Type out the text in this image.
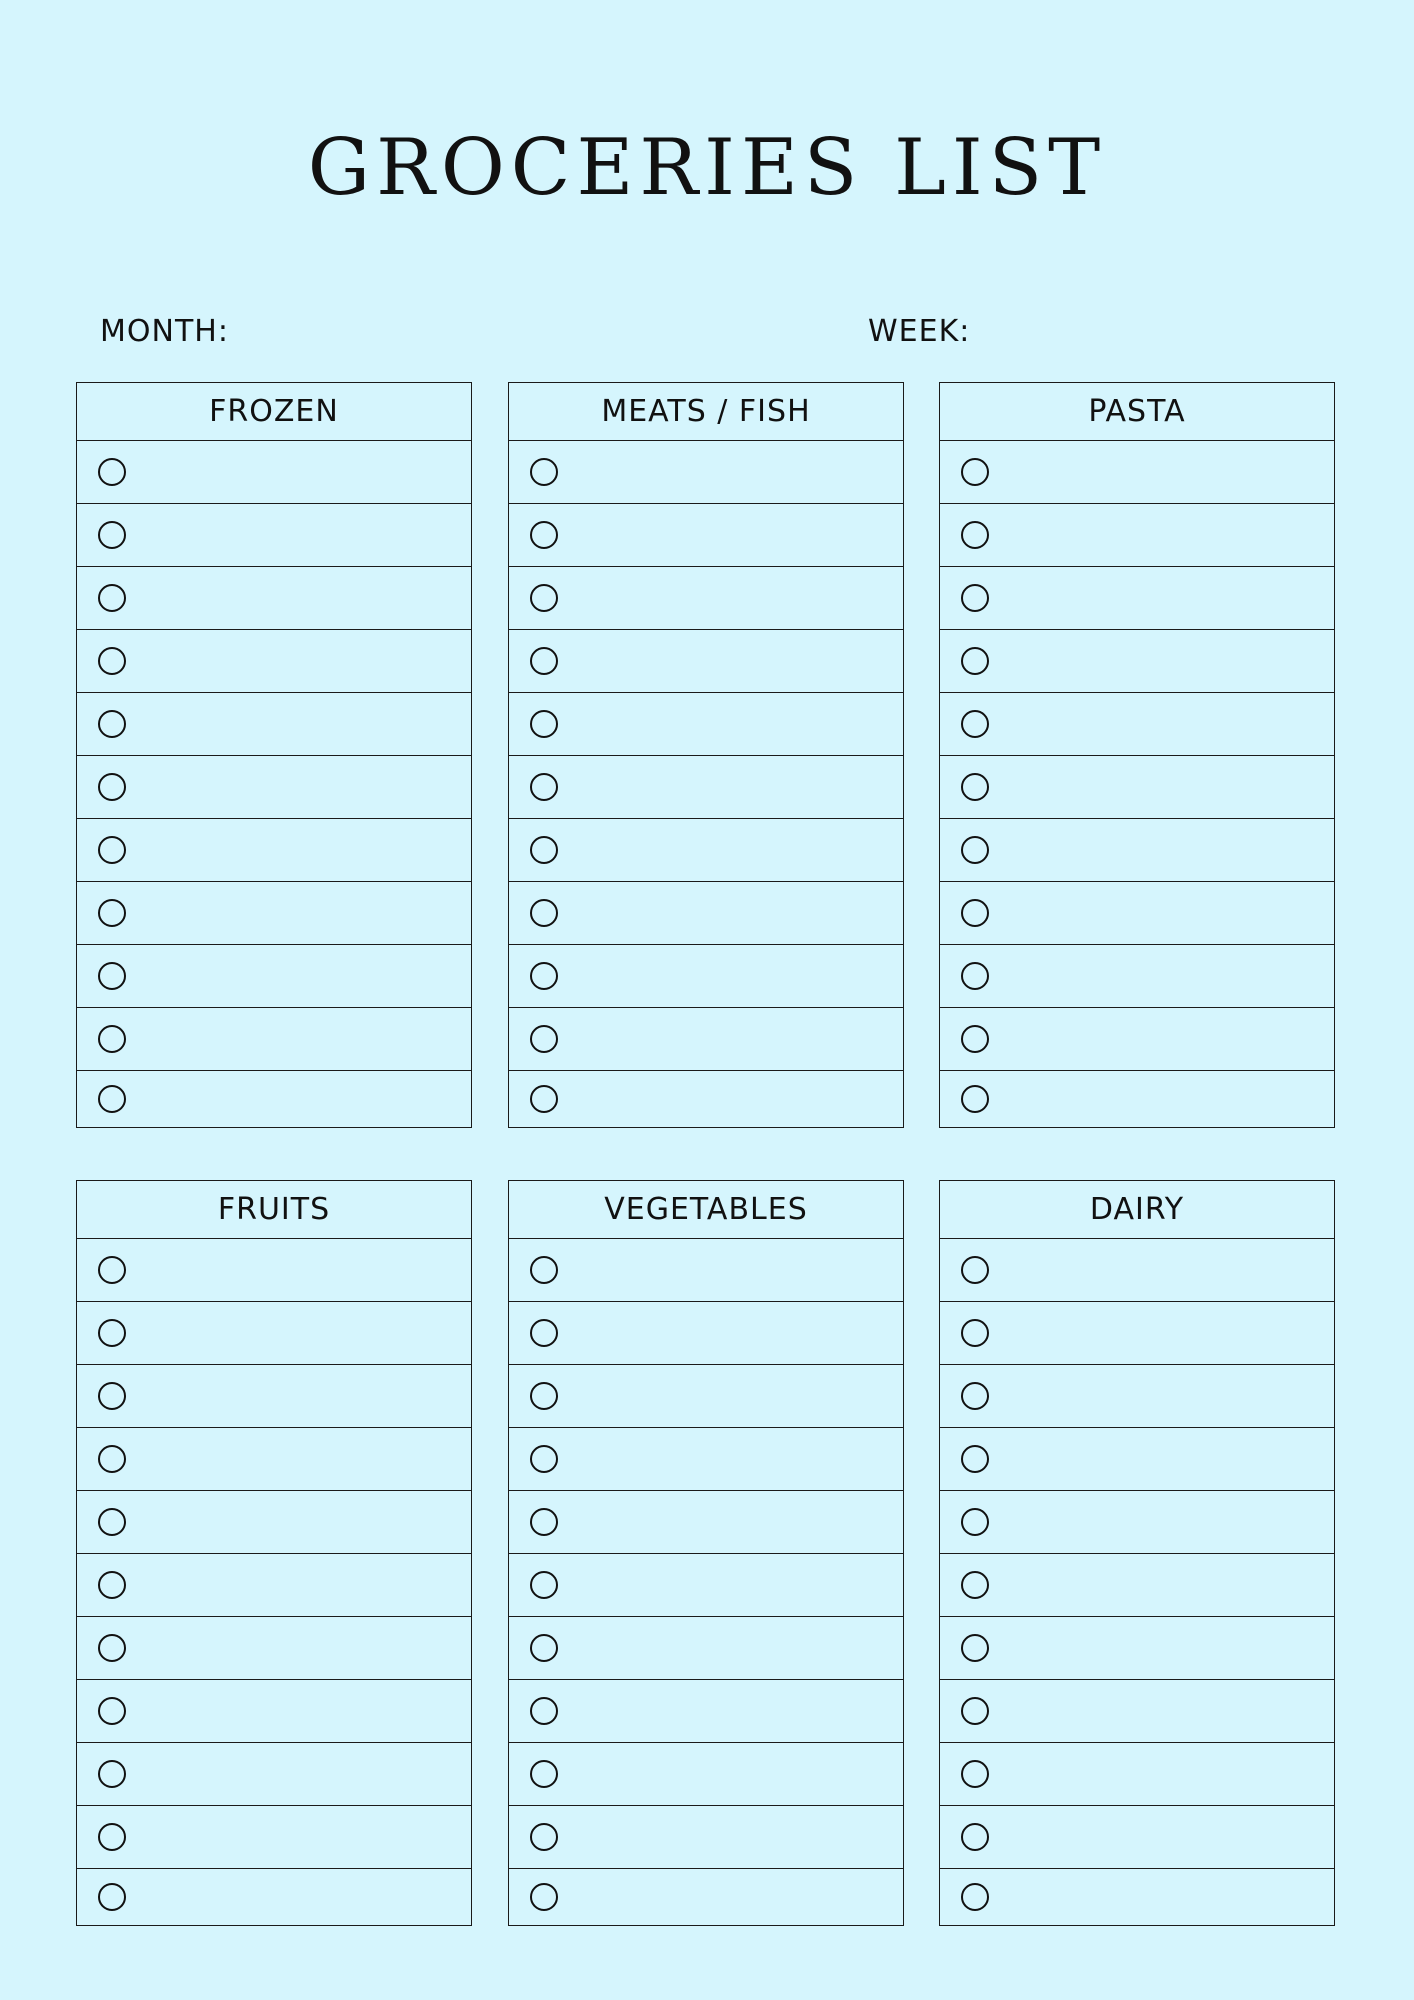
GROCERIES LIST
MONTH:	WEEK:
FROZEN	MEATS / FISH	PASTA
FRUITS	VEGETABLES	DAIRY
